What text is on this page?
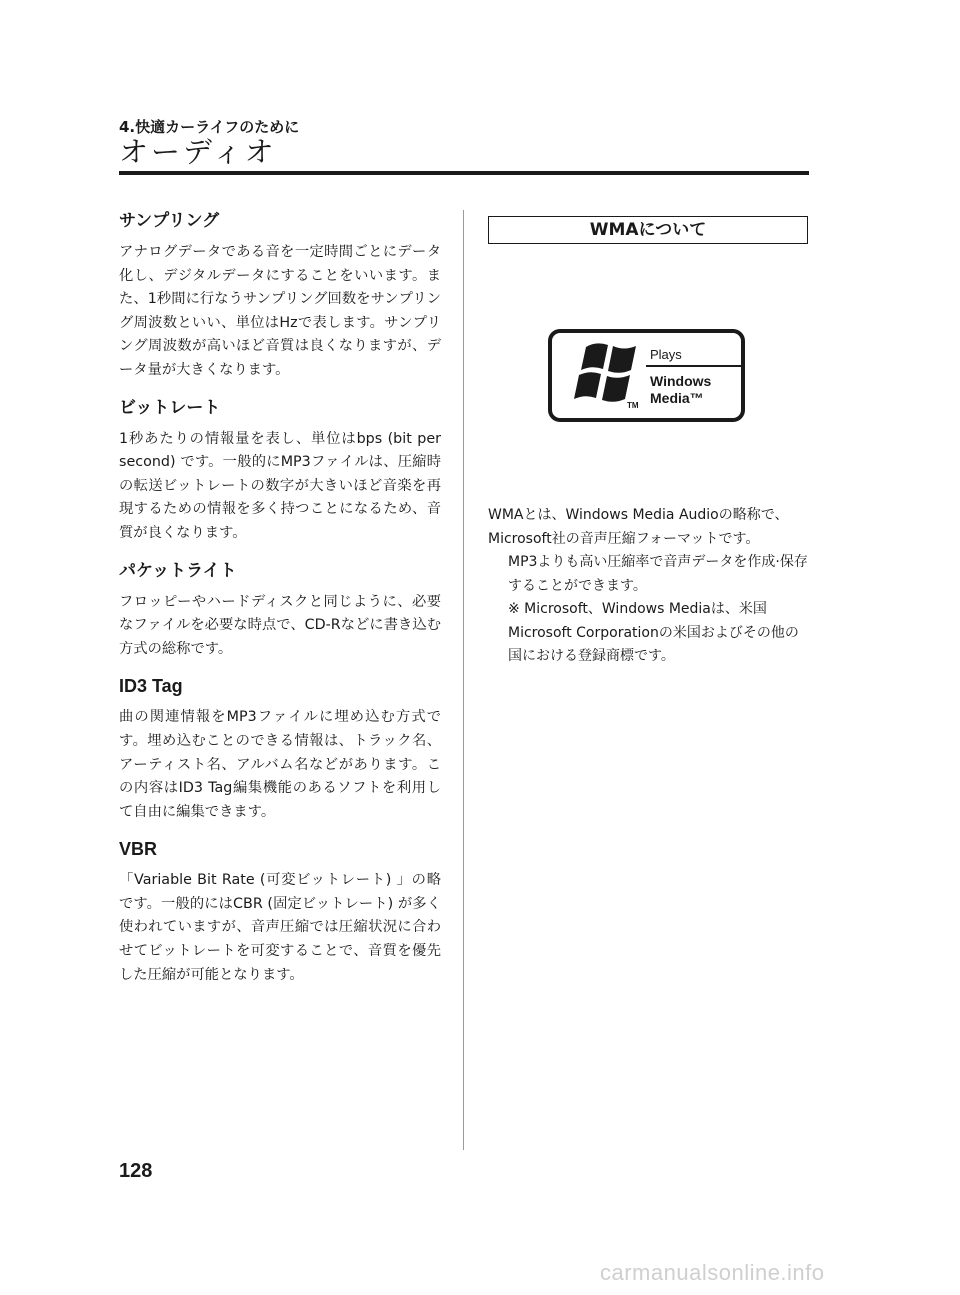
4.快適カーライフのために
オーディオ
サンプリング
アナログデータである音を一定時間ごとにデータ化し、デジタルデータにすることをいいます。また、1秒間に行なうサンプリング回数をサンプリング周波数といい、単位はHzで表します。サンプリング周波数が高いほど音質は良くなりますが、データ量が大きくなります。
ビットレート
1秒あたりの情報量を表し、単位はbps (bit per second) です。一般的にMP3ファイルは、圧縮時の転送ビットレートの数字が大きいほど音楽を再現するための情報を多く持つことになるため、音質が良くなります。
パケットライト
フロッピーやハードディスクと同じように、必要なファイルを必要な時点で、CD-Rなどに書き込む方式の総称です。
ID3 Tag
曲の関連情報をMP3ファイルに埋め込む方式です。埋め込むことのできる情報は、トラック名、アーティスト名、アルバム名などがあります。この内容はID3 Tag編集機能のあるソフトを利用して自由に編集できます。
VBR
「Variable Bit Rate (可変ビットレート) 」の略です。一般的にはCBR (固定ビットレート) が多く使われていますが、音声圧縮では圧縮状況に合わせてビットレートを可変することで、音質を優先した圧縮が可能となります。
WMAについて
Plays
Windows
Media™
TM
WMAとは、Windows Media Audioの略称で、
Microsoft社の音声圧縮フォーマットです。
MP3よりも高い圧縮率で音声データを作成·保存することができます。
※ Microsoft、Windows Mediaは、米国Microsoft Corporationの米国およびその他の国における登録商標です。
128
carmanualsonline.info
